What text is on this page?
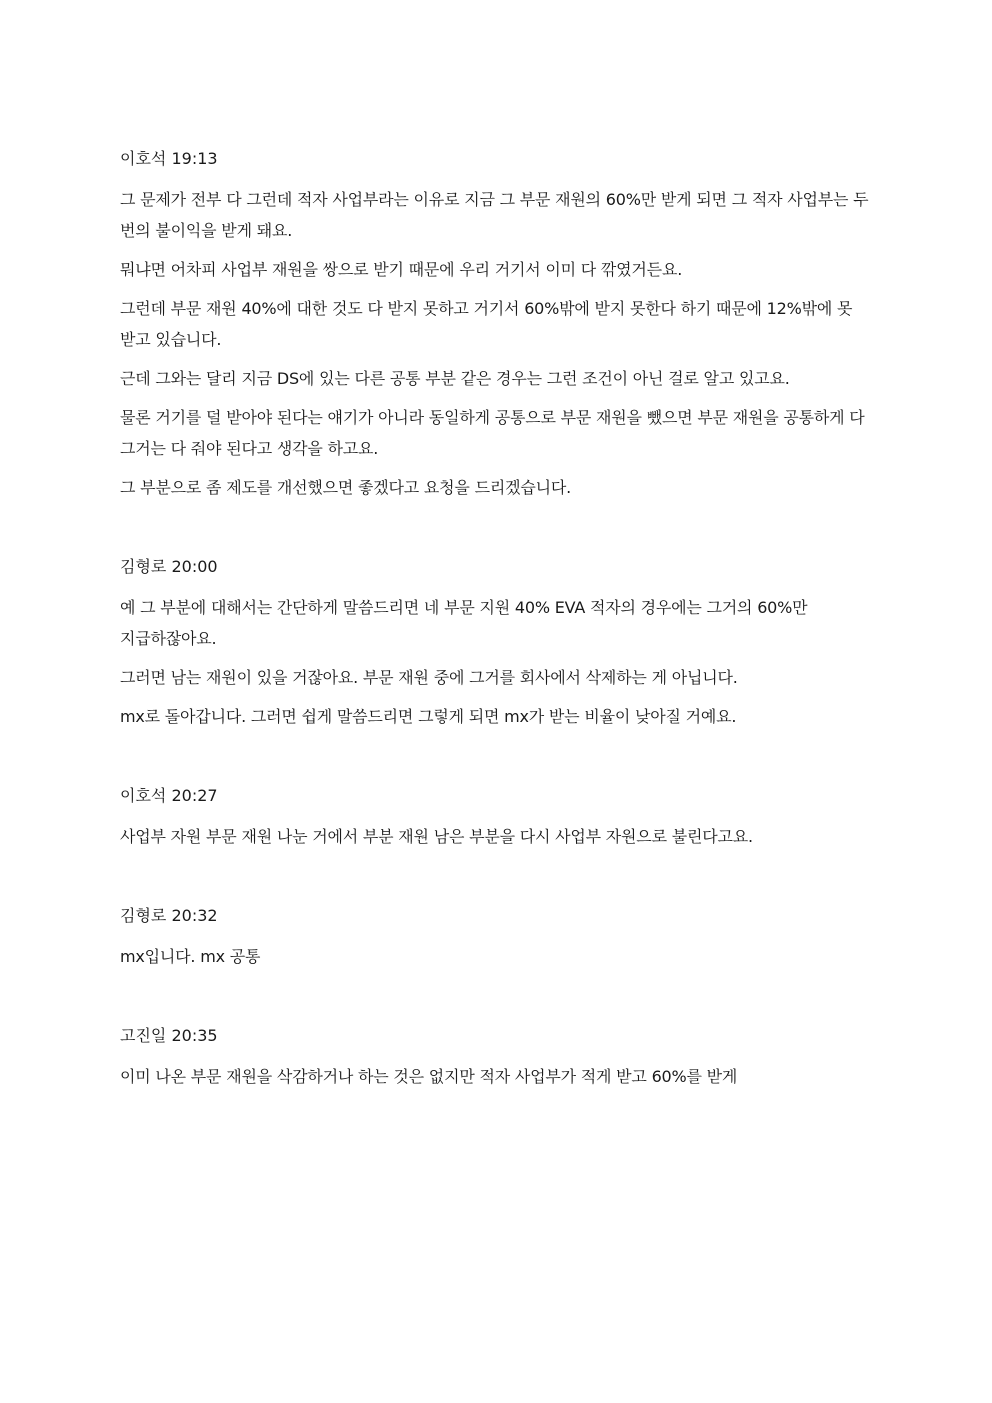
이호석 19:13

그 문제가 전부 다 그런데 적자 사업부라는 이유로 지금 그 부문 재원의 60%만 받게 되면 그 적자 사업부는 두 번의 불이익을 받게 돼요.

뭐냐면 어차피 사업부 재원을 쌍으로 받기 때문에 우리 거기서 이미 다 깎였거든요.

그런데 부문 재원 40%에 대한 것도 다 받지 못하고 거기서 60%밖에 받지 못한다 하기 때문에 12%밖에 못 받고 있습니다.

근데 그와는 달리 지금 DS에 있는 다른 공통 부분 같은 경우는 그런 조건이 아닌 걸로 알고 있고요.

물론 거기를 덜 받아야 된다는 얘기가 아니라 동일하게 공통으로 부문 재원을 뺐으면 부문 재원을 공통하게 다 그거는 다 줘야 된다고 생각을 하고요.

그 부분으로 좀 제도를 개선했으면 좋겠다고 요청을 드리겠습니다.

김형로 20:00

예 그 부분에 대해서는 간단하게 말씀드리면 네 부문 지원 40% EVA 적자의 경우에는 그거의 60%만 지급하잖아요.

그러면 남는 재원이 있을 거잖아요. 부문 재원 중에 그거를 회사에서 삭제하는 게 아닙니다.

mx로 돌아갑니다. 그러면 쉽게 말씀드리면 그렇게 되면 mx가 받는 비율이 낮아질 거예요.

이호석 20:27

사업부 자원 부문 재원 나눈 거에서 부분 재원 남은 부분을 다시 사업부 자원으로 불린다고요.

김형로 20:32

mx입니다. mx 공통

고진일 20:35

이미 나온 부문 재원을 삭감하거나 하는 것은 없지만 적자 사업부가 적게 받고 60%를 받게
